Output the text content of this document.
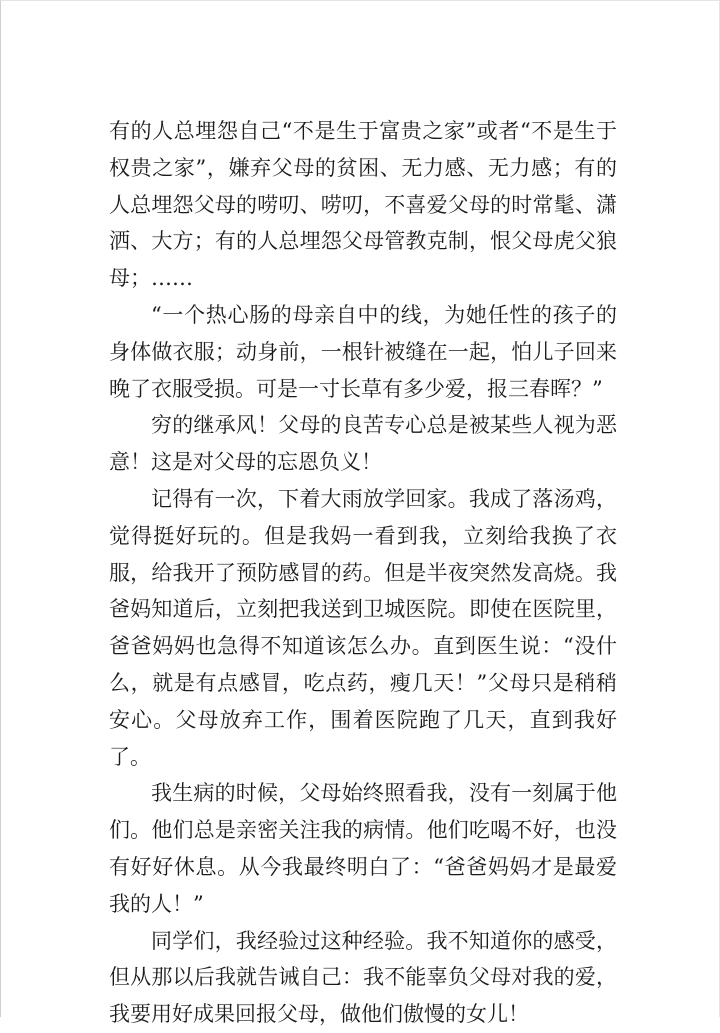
有的人总埋怨自己“不是生于富贵之家”或者“不是生于权贵之家”，嫌弃父母的贫困、无力感、无力感；有的人总埋怨父母的唠叨、唠叨，不喜爱父母的时常髦、潇洒、大方；有的人总埋怨父母管教克制，恨父母虎父狼母；……

“一个热心肠的母亲自中的线，为她任性的孩子的身体做衣服；动身前，一根针被缝在一起，怕儿子回来晚了衣服受损。可是一寸长草有多少爱，报三春晖？”

穷的继承风！父母的良苦专心总是被某些人视为恶意！这是对父母的忘恩负义！

记得有一次，下着大雨放学回家。我成了落汤鸡，觉得挺好玩的。但是我妈一看到我，立刻给我换了衣服，给我开了预防感冒的药。但是半夜突然发高烧。我爸妈知道后，立刻把我送到卫城医院。即使在医院里，爸爸妈妈也急得不知道该怎么办。直到医生说：“没什么，就是有点感冒，吃点药，瘦几天！”父母只是稍稍安心。父母放弃工作，围着医院跑了几天，直到我好了。

我生病的时候，父母始终照看我，没有一刻属于他们。他们总是亲密关注我的病情。他们吃喝不好，也没有好好休息。从今我最终明白了：“爸爸妈妈才是最爱我的人！”

同学们，我经验过这种经验。我不知道你的感受，但从那以后我就告诫自己：我不能辜负父母对我的爱，我要用好成果回报父母，做他们傲慢的女儿！
